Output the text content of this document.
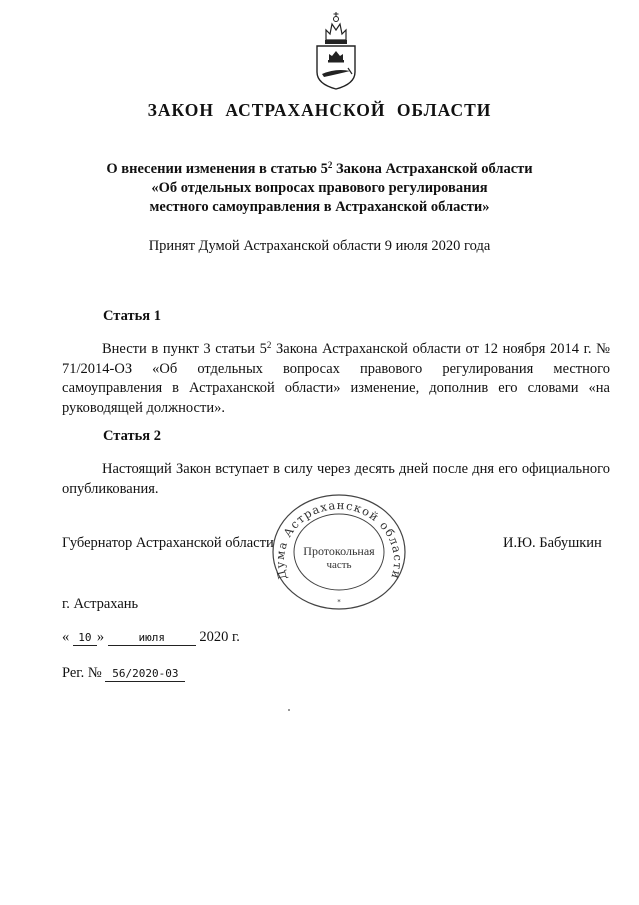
ЗАКОН АСТРАХАНСКОЙ ОБЛАСТИ
О внесении изменения в статью $5^2$ Закона Астраханской области
«Об отдельных вопросах правового регулирования
местного самоуправления в Астраханской области»
Принят Думой Астраханской области 9 июля 2020 года
Статья 1
Внести в пункт 3 статьи $5^2$ Закона Астраханской области от 12 ноября 2014 г. № 71/2014-ОЗ «Об отдельных вопросах правового регулирования местного самоуправления в Астраханской области» изменение, дополнив его словами «на руководящей должности».
Статья 2
Настоящий Закон вступает в силу через десять дней после дня его официального опубликования.
Губернатор Астраханской области	И.Ю. Бабушкин
Дума Астраханской области
Протокольная
часть
*
г. Астрахань
« 10 »	июля 2020 г.
Рег. № 56/2020-03
